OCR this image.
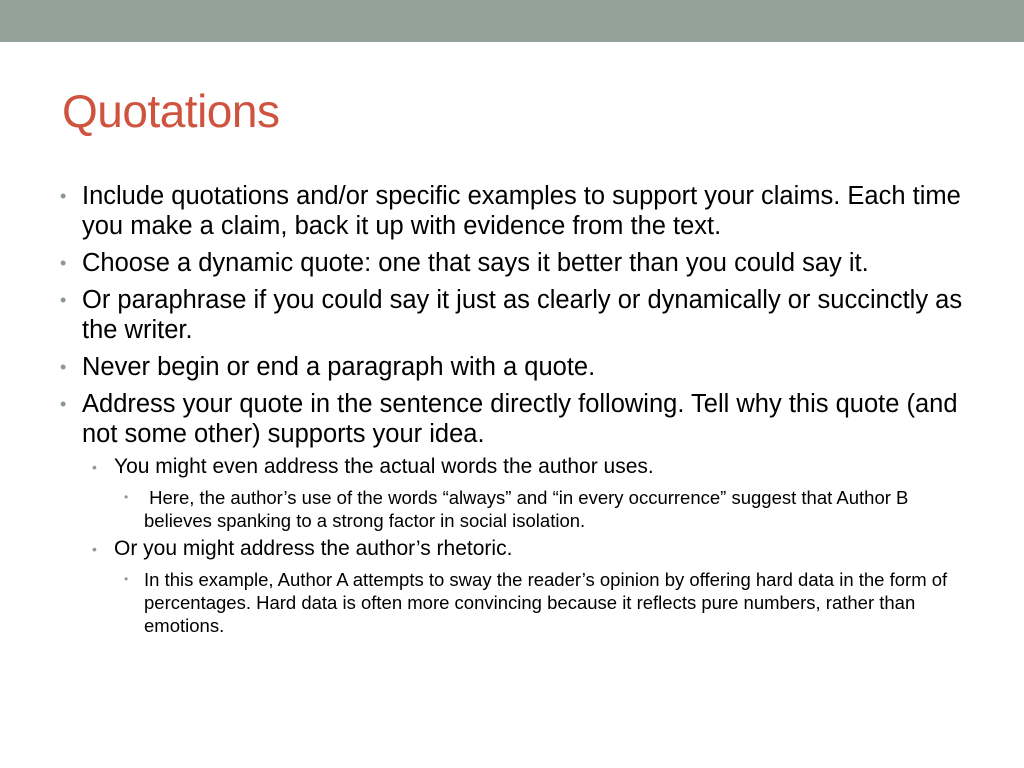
Quotations
• Include quotations and/or specific examples to support your claims. Each time you make a claim, back it up with evidence from the text.
• Choose a dynamic quote: one that says it better than you could say it.
• Or paraphrase if you could say it just as clearly or dynamically or succinctly as the writer.
• Never begin or end a paragraph with a quote.
• Address your quote in the sentence directly following. Tell why this quote (and not some other) supports your idea.
• You might even address the actual words the author uses.
• Here, the author’s use of the words “always” and “in every occurrence” suggest that Author B believes spanking to a strong factor in social isolation.
• Or you might address the author’s rhetoric.
• In this example, Author A attempts to sway the reader’s opinion by offering hard data in the form of percentages. Hard data is often more convincing because it reflects pure numbers, rather than emotions.
